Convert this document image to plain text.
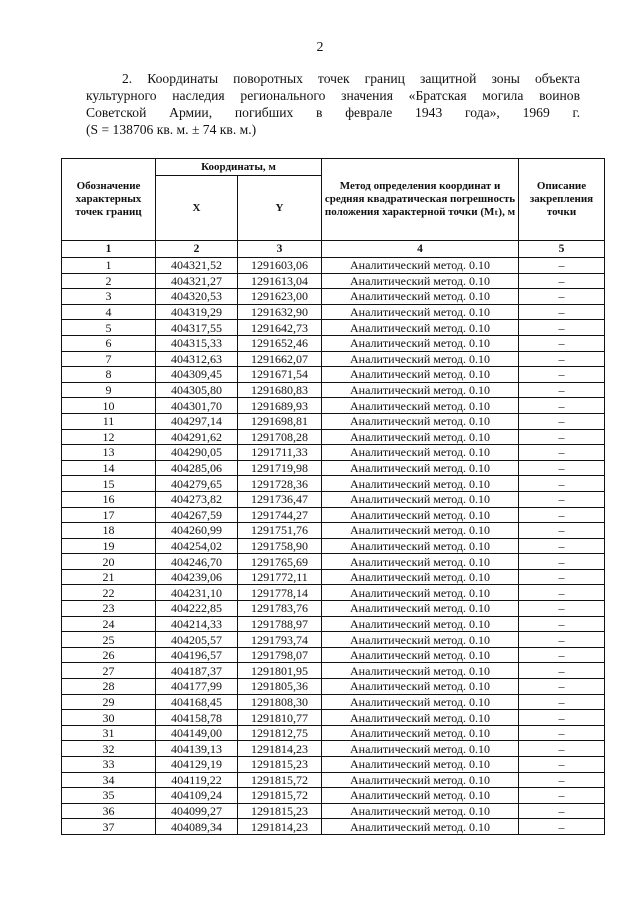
2
2. Координаты поворотных точек границ защитной зоны объекта
культурного наследия регионального значения «Братская могила воинов
Советской Армии, погибших в феврале 1943 года», 1969 г.
(S = 138706 кв. м. ± 74 кв. м.)
Обозначение характерных точек границ	Координаты, м		Метод определения координат и средняя квадратическая погрешность положения характерной точки (Mₜ), м	Описание закрепления точки
	X	Y		
1	2	3	4	5
1	404321,52	1291603,06	Аналитический метод. 0.10	–
2	404321,27	1291613,04	Аналитический метод. 0.10	–
3	404320,53	1291623,00	Аналитический метод. 0.10	–
4	404319,29	1291632,90	Аналитический метод. 0.10	–
5	404317,55	1291642,73	Аналитический метод. 0.10	–
6	404315,33	1291652,46	Аналитический метод. 0.10	–
7	404312,63	1291662,07	Аналитический метод. 0.10	–
8	404309,45	1291671,54	Аналитический метод. 0.10	–
9	404305,80	1291680,83	Аналитический метод. 0.10	–
10	404301,70	1291689,93	Аналитический метод. 0.10	–
11	404297,14	1291698,81	Аналитический метод. 0.10	–
12	404291,62	1291708,28	Аналитический метод. 0.10	–
13	404290,05	1291711,33	Аналитический метод. 0.10	–
14	404285,06	1291719,98	Аналитический метод. 0.10	–
15	404279,65	1291728,36	Аналитический метод. 0.10	–
16	404273,82	1291736,47	Аналитический метод. 0.10	–
17	404267,59	1291744,27	Аналитический метод. 0.10	–
18	404260,99	1291751,76	Аналитический метод. 0.10	–
19	404254,02	1291758,90	Аналитический метод. 0.10	–
20	404246,70	1291765,69	Аналитический метод. 0.10	–
21	404239,06	1291772,11	Аналитический метод. 0.10	–
22	404231,10	1291778,14	Аналитический метод. 0.10	–
23	404222,85	1291783,76	Аналитический метод. 0.10	–
24	404214,33	1291788,97	Аналитический метод. 0.10	–
25	404205,57	1291793,74	Аналитический метод. 0.10	–
26	404196,57	1291798,07	Аналитический метод. 0.10	–
27	404187,37	1291801,95	Аналитический метод. 0.10	–
28	404177,99	1291805,36	Аналитический метод. 0.10	–
29	404168,45	1291808,30	Аналитический метод. 0.10	–
30	404158,78	1291810,77	Аналитический метод. 0.10	–
31	404149,00	1291812,75	Аналитический метод. 0.10	–
32	404139,13	1291814,23	Аналитический метод. 0.10	–
33	404129,19	1291815,23	Аналитический метод. 0.10	–
34	404119,22	1291815,72	Аналитический метод. 0.10	–
35	404109,24	1291815,72	Аналитический метод. 0.10	–
36	404099,27	1291815,23	Аналитический метод. 0.10	–
37	404089,34	1291814,23	Аналитический метод. 0.10	–
